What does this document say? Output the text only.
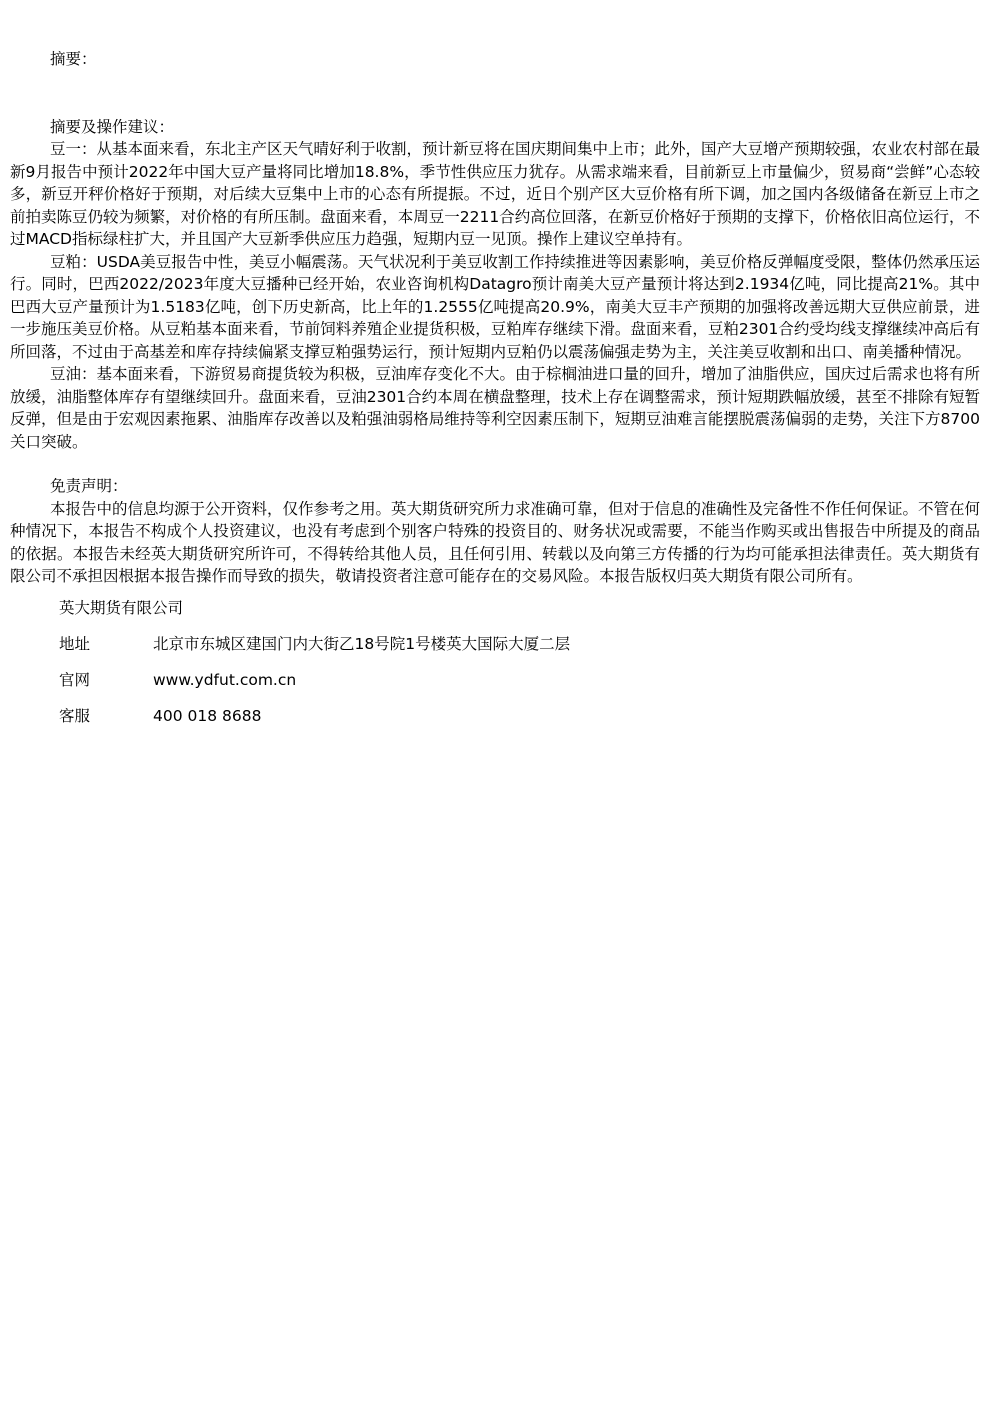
摘要：
摘要及操作建议：

豆一：从基本面来看，东北主产区天气晴好利于收割，预计新豆将在国庆期间集中上市；此外，国产大豆增产预期较强，农业农村部在最新9月报告中预计2022年中国大豆产量将同比增加18.8%，季节性供应压力犹存。从需求端来看，目前新豆上市量偏少，贸易商“尝鲜”心态较多，新豆开秤价格好于预期，对后续大豆集中上市的心态有所提振。不过，近日个别产区大豆价格有所下调，加之国内各级储备在新豆上市之前拍卖陈豆仍较为频繁，对价格的有所压制。盘面来看，本周豆一2211合约高位回落，在新豆价格好于预期的支撑下，价格依旧高位运行，不过MACD指标绿柱扩大，并且国产大豆新季供应压力趋强，短期内豆一见顶。操作上建议空单持有。

豆粕：USDA美豆报告中性，美豆小幅震荡。天气状况利于美豆收割工作持续推进等因素影响，美豆价格反弹幅度受限，整体仍然承压运行。同时，巴西2022/2023年度大豆播种已经开始，农业咨询机构Datagro预计南美大豆产量预计将达到2.1934亿吨，同比提高21%。其中巴西大豆产量预计为1.5183亿吨，创下历史新高，比上年的1.2555亿吨提高20.9%，南美大豆丰产预期的加强将改善远期大豆供应前景，进一步施压美豆价格。从豆粕基本面来看，节前饲料养殖企业提货积极，豆粕库存继续下滑。盘面来看，豆粕2301合约受均线支撑继续冲高后有所回落，不过由于高基差和库存持续偏紧支撑豆粕强势运行，预计短期内豆粕仍以震荡偏强走势为主，关注美豆收割和出口、南美播种情况。

豆油：基本面来看，下游贸易商提货较为积极，豆油库存变化不大。由于棕榈油进口量的回升，增加了油脂供应，国庆过后需求也将有所放缓，油脂整体库存有望继续回升。盘面来看，豆油2301合约本周在横盘整理，技术上存在调整需求，预计短期跌幅放缓，甚至不排除有短暂反弹，但是由于宏观因素拖累、油脂库存改善以及粕强油弱格局维持等利空因素压制下，短期豆油难言能摆脱震荡偏弱的走势，关注下方8700关口突破。

免责声明：

本报告中的信息均源于公开资料，仅作参考之用。英大期货研究所力求准确可靠，但对于信息的准确性及完备性不作任何保证。不管在何种情况下，本报告不构成个人投资建议，也没有考虑到个别客户特殊的投资目的、财务状况或需要，不能当作购买或出售报告中所提及的商品的依据。本报告未经英大期货研究所许可，不得转给其他人员，且任何引用、转载以及向第三方传播的行为均可能承担法律责任。英大期货有限公司不承担因根据本报告操作而导致的损失，敬请投资者注意可能存在的交易风险。本报告版权归英大期货有限公司所有。

英大期货有限公司
地址	北京市东城区建国门内大街乙18号院1号楼英大国际大厦二层
官网	www.ydfut.com.cn
客服	400 018 8688
